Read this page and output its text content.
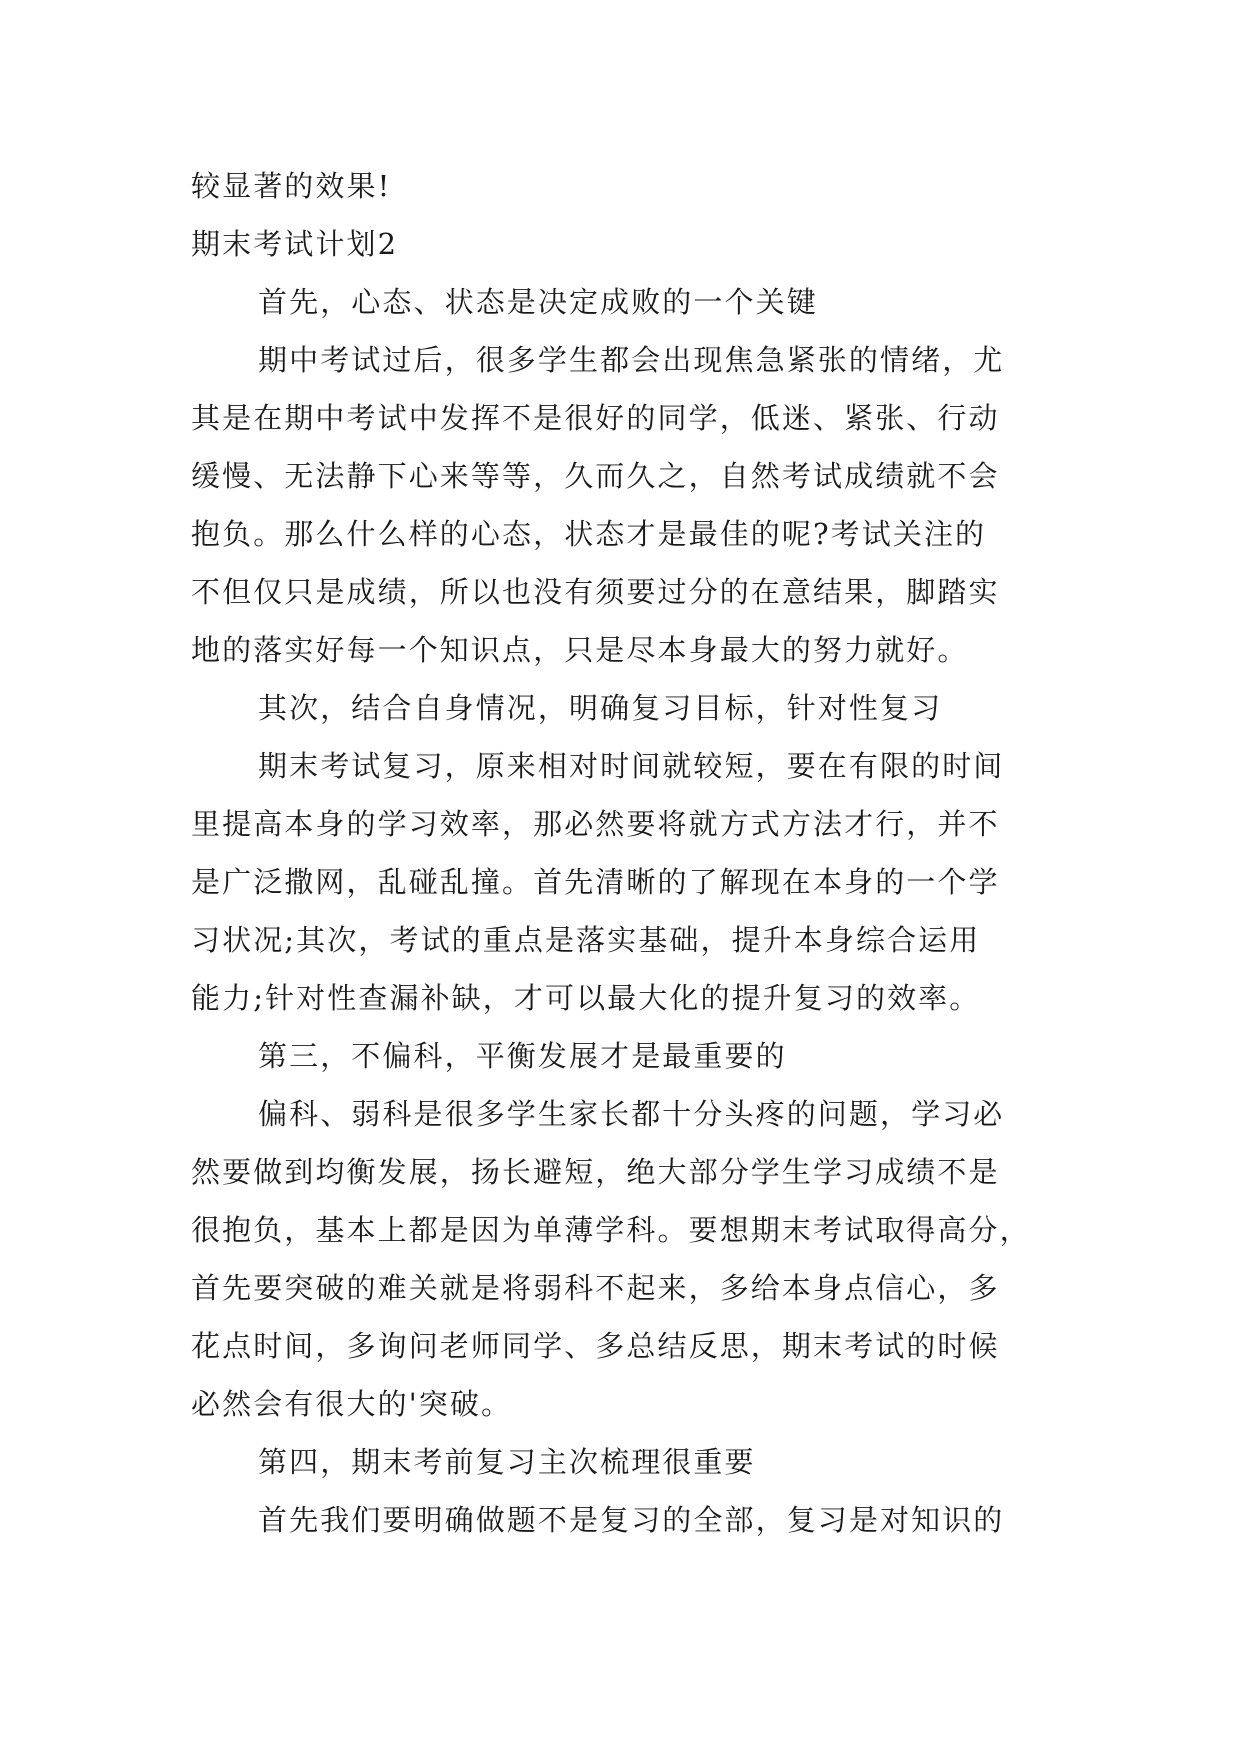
较显著的效果!
期末考试计划2
首先，心态、状态是决定成败的一个关键
期中考试过后，很多学生都会出现焦急紧张的情绪，尤
其是在期中考试中发挥不是很好的同学，低迷、紧张、行动
缓慢、无法静下心来等等，久而久之，自然考试成绩就不会
抱负。那么什么样的心态，状态才是最佳的呢?考试关注的
不但仅只是成绩，所以也没有须要过分的在意结果，脚踏实
地的落实好每一个知识点，只是尽本身最大的努力就好。
其次，结合自身情况，明确复习目标，针对性复习
期末考试复习，原来相对时间就较短，要在有限的时间
里提高本身的学习效率，那必然要将就方式方法才行，并不
是广泛撒网，乱碰乱撞。首先清晰的了解现在本身的一个学
习状况;其次，考试的重点是落实基础，提升本身综合运用
能力;针对性查漏补缺，才可以最大化的提升复习的效率。
第三，不偏科，平衡发展才是最重要的
偏科、弱科是很多学生家长都十分头疼的问题，学习必
然要做到均衡发展，扬长避短，绝大部分学生学习成绩不是
很抱负，基本上都是因为单薄学科。要想期末考试取得高分，
首先要突破的难关就是将弱科不起来，多给本身点信心，多
花点时间，多询问老师同学、多总结反思，期末考试的时候
必然会有很大的'突破。
第四，期末考前复习主次梳理很重要
首先我们要明确做题不是复习的全部，复习是对知识的
